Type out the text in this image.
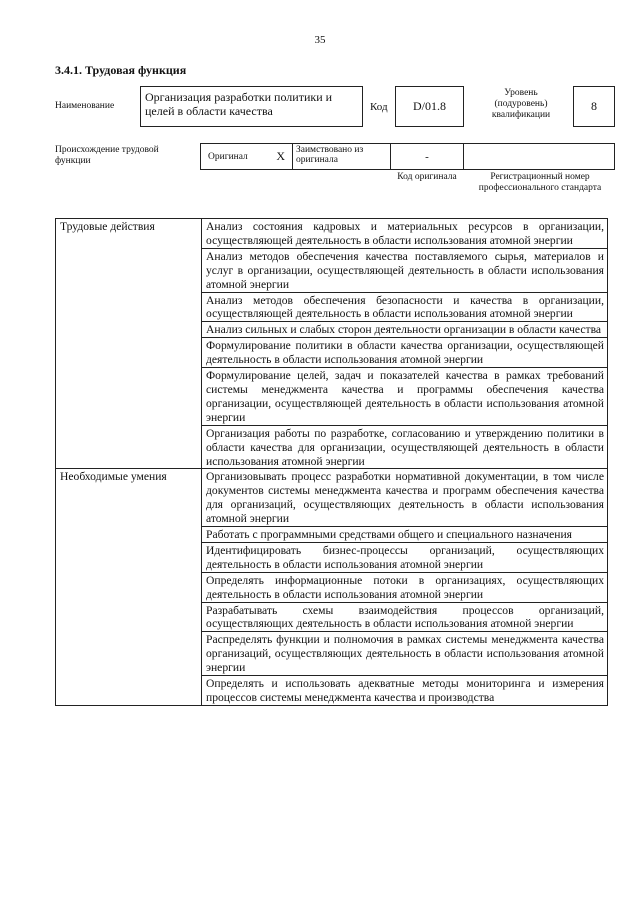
35
3.4.1. Трудовая функция
Наименование
Организация разработки политики и целей в области качества	Код	D/01.8
Уровень (подуровень) квалификации
8
Происхождение трудовой функции	Оригинал	X	Заимствовано из оригинала	-
Код оригинала	Регистрационный номер профессионального стандарта
Трудовые действия	Анализ состояния кадровых и материальных ресурсов в организации, осуществляющей деятельность в области использования атомной энергии
	Анализ методов обеспечения качества поставляемого сырья, материалов и услуг в организации, осуществляющей деятельность в области использования атомной энергии
	Анализ методов обеспечения безопасности и качества в организации, осуществляющей деятельность в области использования атомной энергии
	Анализ сильных и слабых сторон деятельности организации в области качества
	Формулирование политики в области качества организации, осуществляющей деятельность в области использования атомной энергии
	Формулирование целей, задач и показателей качества в рамках требований системы менеджмента качества и программы обеспечения качества организации, осуществляющей деятельность в области использования атомной энергии
	Организация работы по разработке, согласованию и утверждению политики в области качества для организации, осуществляющей деятельность в области использования атомной энергии
Необходимые умения	Организовывать процесс разработки нормативной документации, в том числе документов системы менеджмента качества и программ обеспечения качества для организаций, осуществляющих деятельность в области использования атомной энергии
	Работать с программными средствами общего и специального назначения
	Идентифицировать бизнес-процессы организаций, осуществляющих деятельность в области использования атомной энергии
	Определять информационные потоки в организациях, осуществляющих деятельность в области использования атомной энергии
	Разрабатывать схемы взаимодействия процессов организаций, осуществляющих деятельность в области использования атомной энергии
	Распределять функции и полномочия в рамках системы менеджмента качества организаций, осуществляющих деятельность в области использования атомной энергии
	Определять и использовать адекватные методы мониторинга и измерения процессов системы менеджмента качества и производства
